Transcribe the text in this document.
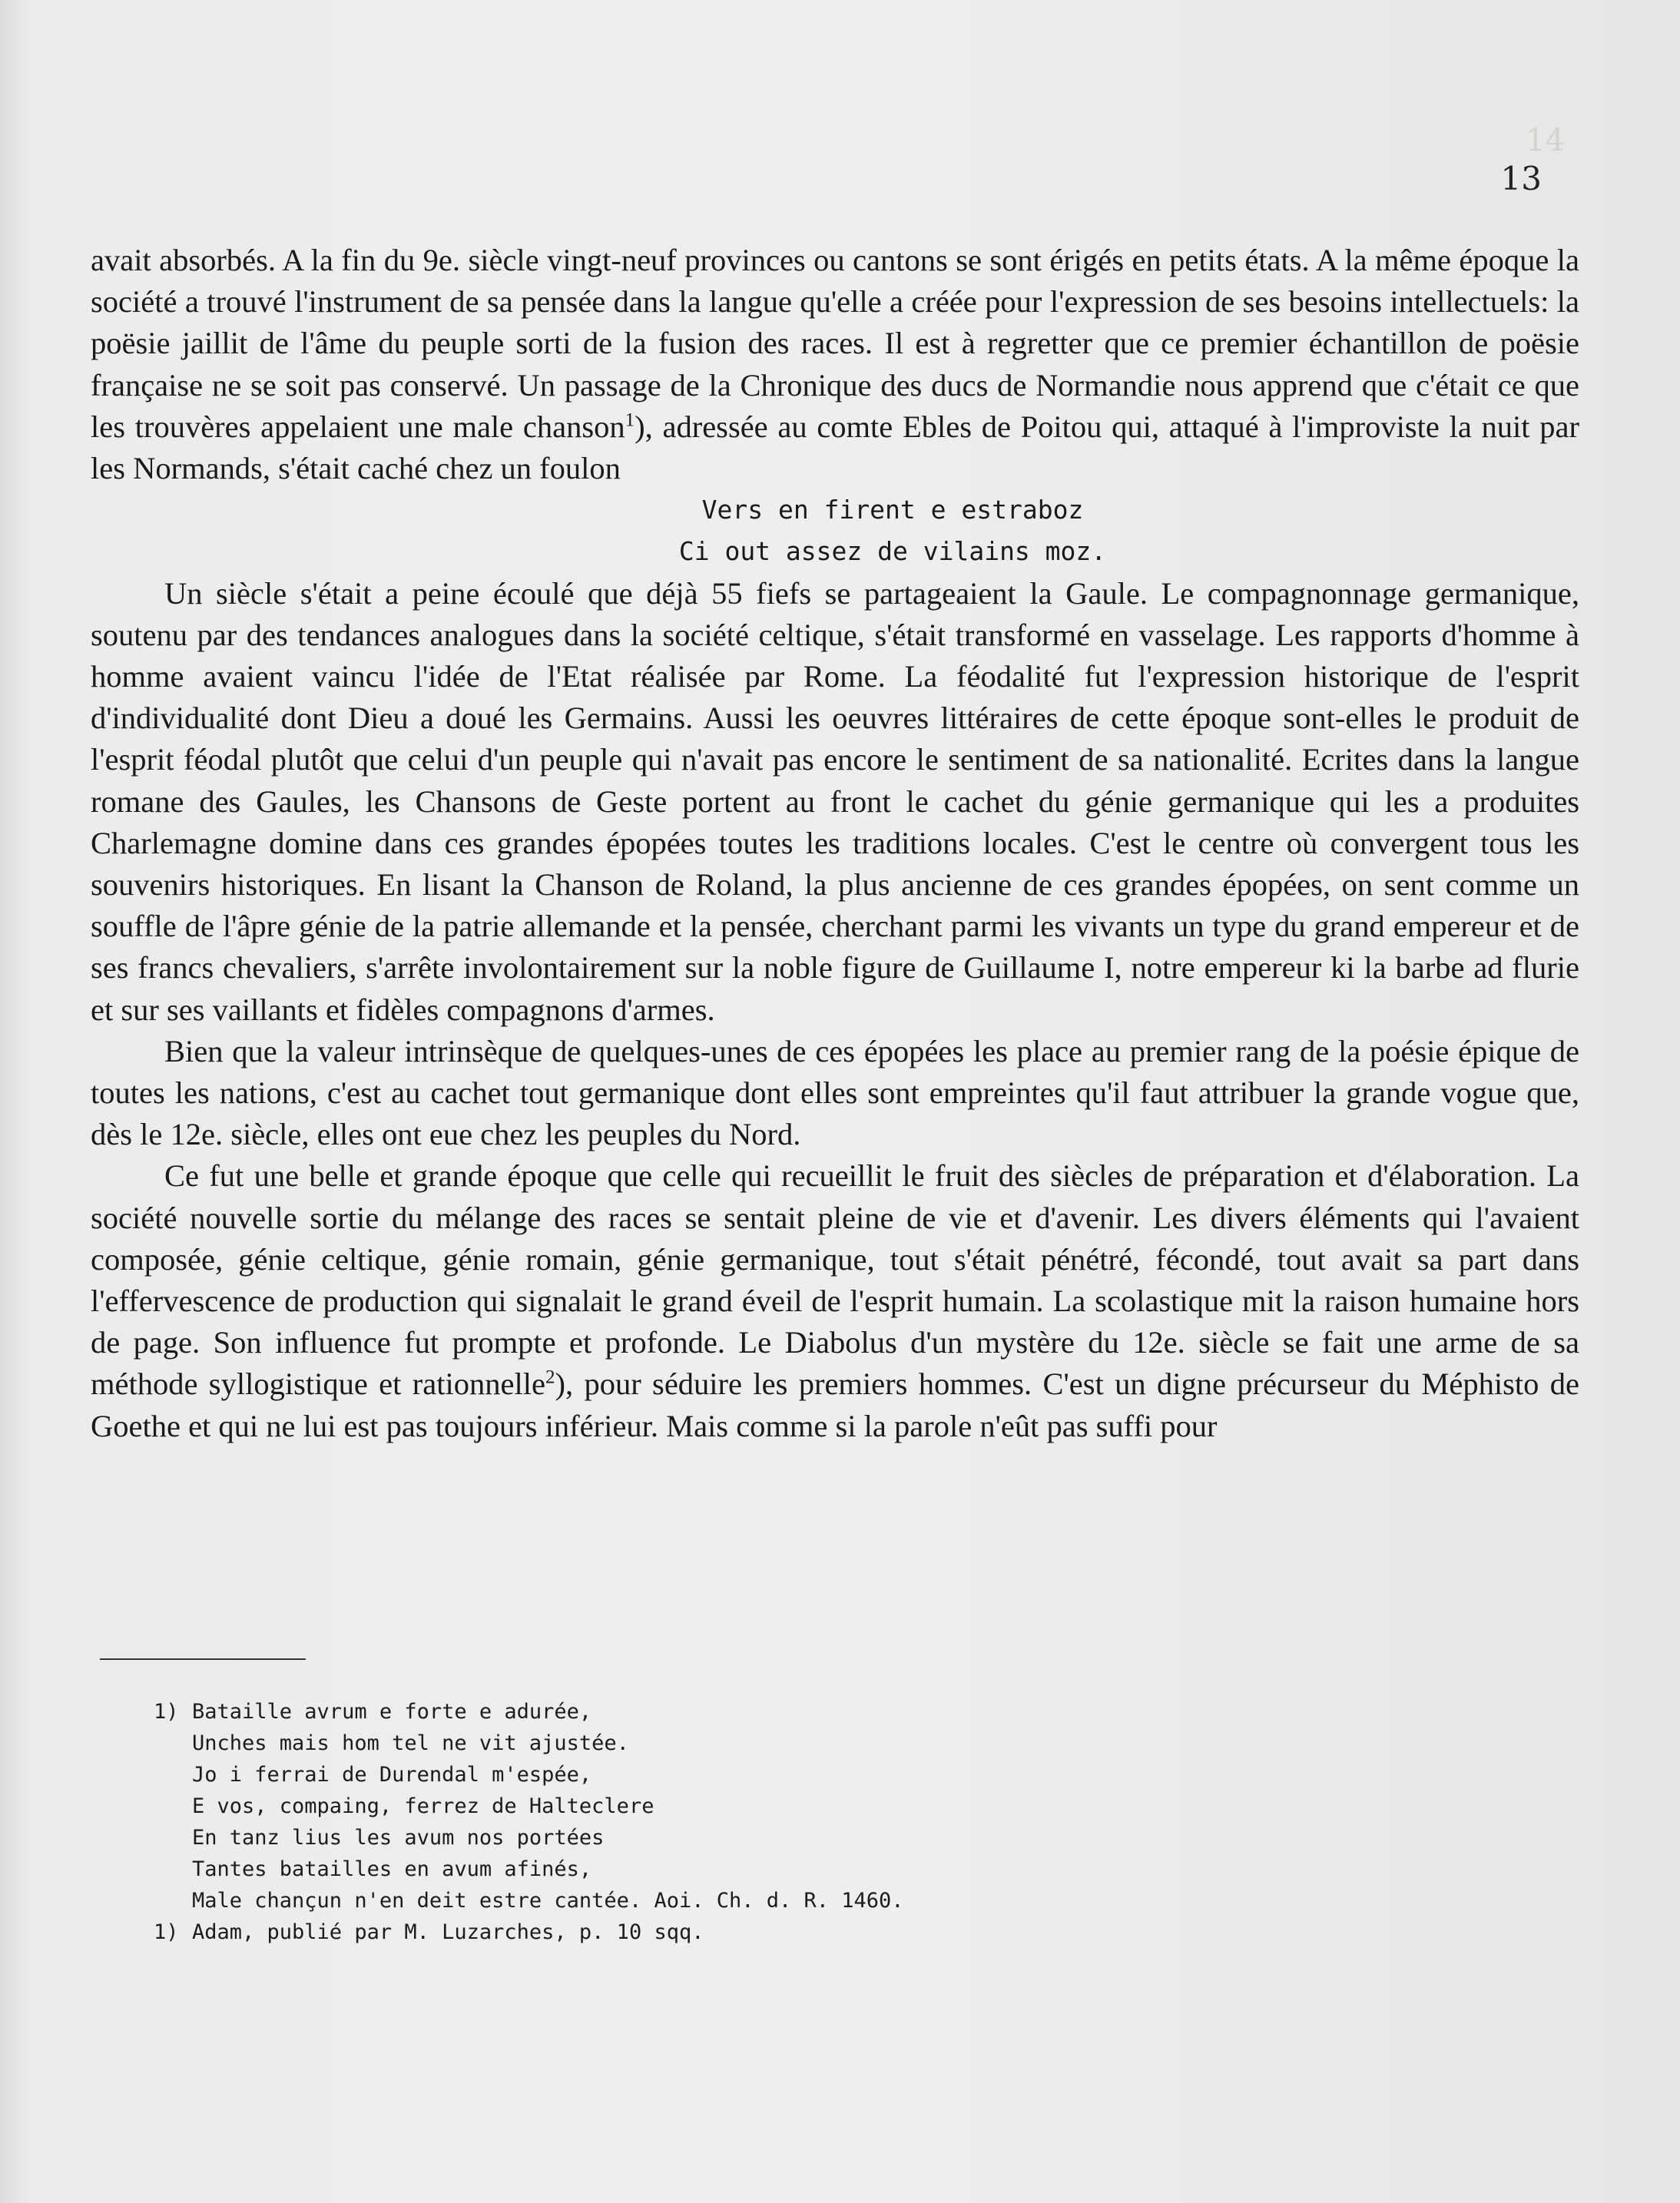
14
13

avait absorbés. A la fin du 9e. siècle vingt-neuf provinces ou cantons se sont érigés en petits états. A la même époque la société a trouvé l'instrument de sa pensée dans la langue qu'elle a créée pour l'expression de ses besoins intellectuels: la poësie jaillit de l'âme du peuple sorti de la fusion des races. Il est à regretter que ce premier échantillon de poësie française ne se soit pas conservé. Un passage de la Chronique des ducs de Normandie nous apprend que c'était ce que les trouvères appelaient une male chanson$^1$), adressée au comte Ebles de Poitou qui, attaqué à l'improviste la nuit par les Normands, s'était caché chez un foulon

Vers en firent e estraboz
Ci out assez de vilains moz.

Un siècle s'était a peine écoulé que déjà 55 fiefs se partageaient la Gaule. Le compagnonnage germanique, soutenu par des tendances analogues dans la société celtique, s'était transformé en vasselage. Les rapports d'homme à homme avaient vaincu l'idée de l'Etat réalisée par Rome. La féodalité fut l'expression historique de l'esprit d'individualité dont Dieu a doué les Germains. Aussi les oeuvres littéraires de cette époque sont-elles le produit de l'esprit féodal plutôt que celui d'un peuple qui n'avait pas encore le sentiment de sa nationalité. Ecrites dans la langue romane des Gaules, les Chansons de Geste portent au front le cachet du génie germanique qui les a produites Charlemagne domine dans ces grandes épopées toutes les traditions locales. C'est le centre où convergent tous les souvenirs historiques. En lisant la Chanson de Roland, la plus ancienne de ces grandes épopées, on sent comme un souffle de l'âpre génie de la patrie allemande et la pensée, cherchant parmi les vivants un type du grand empereur et de ses francs chevaliers, s'arrête involontairement sur la noble figure de Guillaume I, notre empereur ki la barbe ad flurie et sur ses vaillants et fidèles compagnons d'armes.

Bien que la valeur intrinsèque de quelques-unes de ces épopées les place au premier rang de la poésie épique de toutes les nations, c'est au cachet tout germanique dont elles sont empreintes qu'il faut attribuer la grande vogue que, dès le 12e. siècle, elles ont eue chez les peuples du Nord.

Ce fut une belle et grande époque que celle qui recueillit le fruit des siècles de préparation et d'élaboration. La société nouvelle sortie du mélange des races se sentait pleine de vie et d'avenir. Les divers éléments qui l'avaient composée, génie celtique, génie romain, génie germanique, tout s'était pénétré, fécondé, tout avait sa part dans l'effervescence de production qui signalait le grand éveil de l'esprit humain. La scolastique mit la raison humaine hors de page. Son influence fut prompte et profonde. Le Diabolus d'un mystère du 12e. siècle se fait une arme de sa méthode syllogistique et rationnelle$^2$), pour séduire les premiers hommes. C'est un digne précurseur du Méphisto de Goethe et qui ne lui est pas toujours inférieur. Mais comme si la parole n'eût pas suffi pour

1) Bataille avrum e forte e adurée,
Unches mais hom tel ne vit ajustée.
Jo i ferrai de Durendal m'espée,
E vos, compaing, ferrez de Halteclere
En tanz lius les avum nos portées
Tantes batailles en avum afinés,
Male chançun n'en deit estre cantée. Aoi. Ch. d. R. 1460.
1) Adam, publié par M. Luzarches, p. 10 sqq.
